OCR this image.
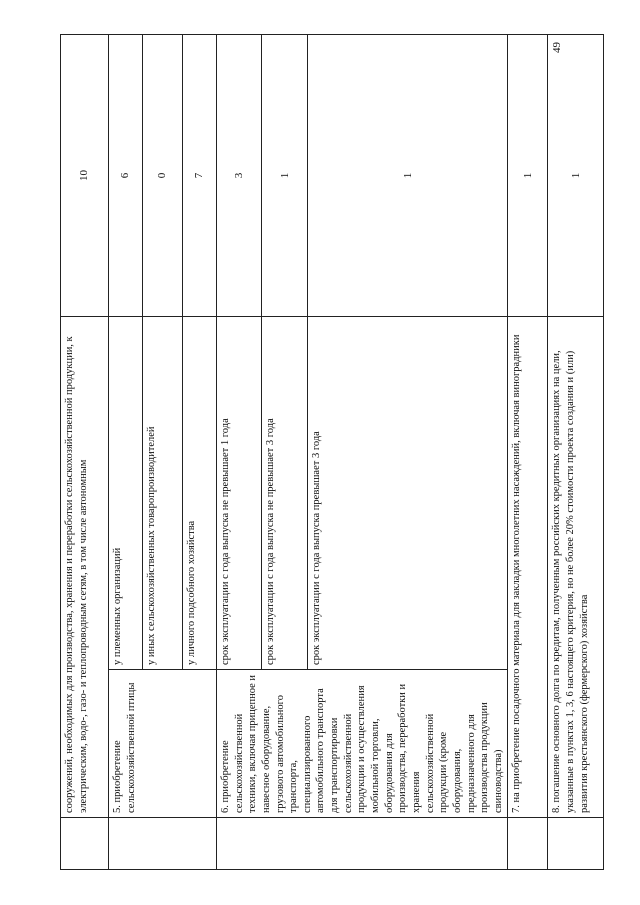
	сооружений, необходимых для производства, хранения и переработки сельскохозяйственной продукции, к электрическим, водо-, газо- и теплопроводным сетям, в том числе автономным		10
	5. приобретение сельскохозяйственной птицы	у племенных организаций	6
		у иных сельскохозяйственных товаропроизводителей	0
		у личного подсобного хозяйства	7
	6. приобретение сельскохозяйственной техники, включая прицепное и навесное оборудование, грузового автомобильного транспорта, специализированного автомобильного транспорта для транспортировки сельскохозяйственной продукции и осуществления мобильной торговли, оборудования для производства, переработки и хранения сельскохозяйственной продукции (кроме оборудования, предназначенного для производства продукции свиноводства)	срок эксплуатации с года выпуска не превышает 1 года	3
		срок эксплуатации с года выпуска не превышает 3 года	1
		срок эксплуатации с года выпуска превышает 3 года	1
	7. на приобретение посадочного материала для закладки многолетних насаждений, включая виноградники		1
	8. погашение основного долга по кредитам, полученным российских кредитных организациях на цели, указанные в пунктах 1, 3, 6 настоящего критерия, но не более 20% стоимости проекта создания и (или) развития крестьянского (фермерского) хозяйства		1
49
